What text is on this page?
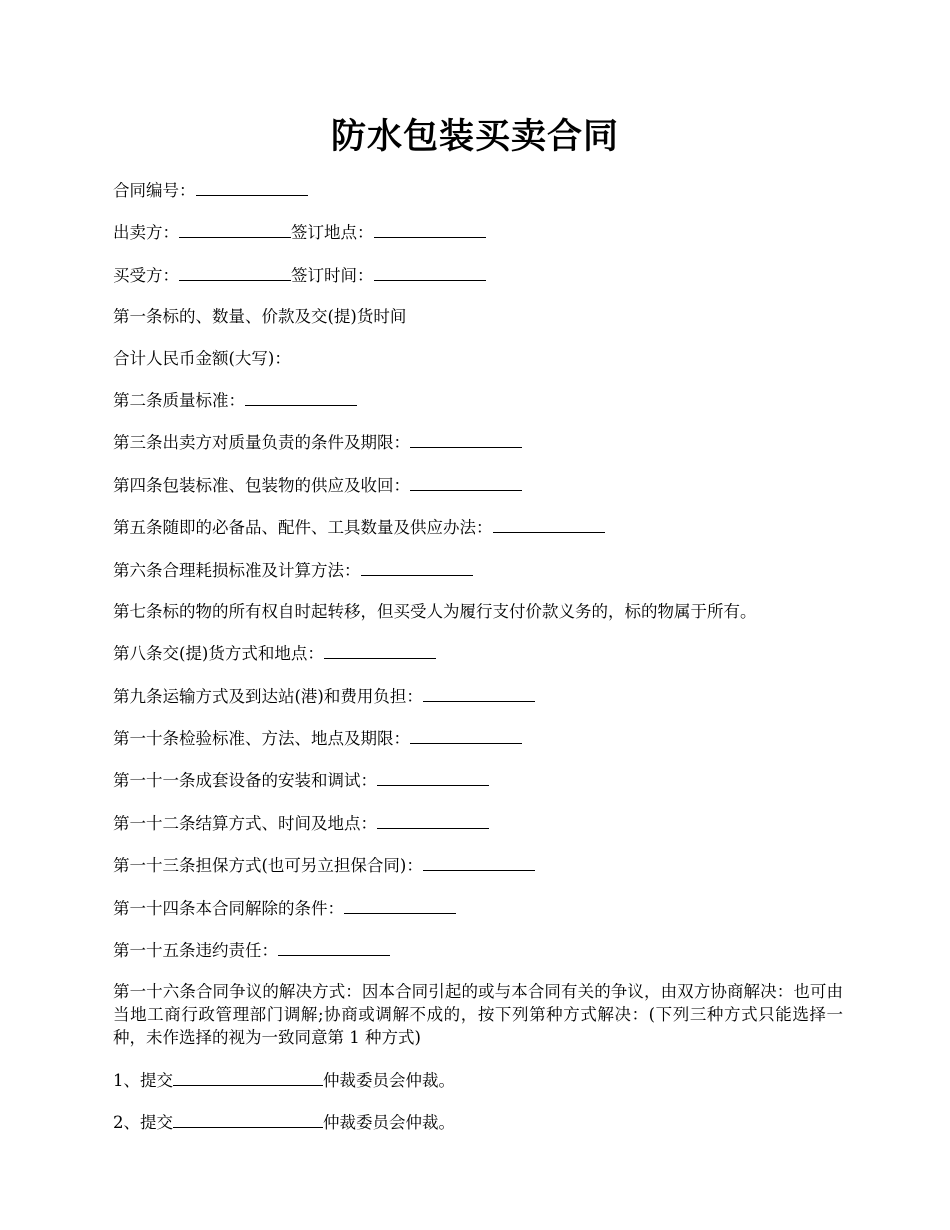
防水包装买卖合同
合同编号：
出卖方：	签订地点：
买受方：	签订时间：
第一条标的、数量、价款及交(提)货时间
合计人民币金额(大写)：
第二条质量标准：
第三条出卖方对质量负责的条件及期限：
第四条包装标准、包装物的供应及收回：
第五条随即的必备品、配件、工具数量及供应办法：
第六条合理耗损标准及计算方法：
第七条标的物的所有权自时起转移，但买受人为履行支付价款义务的，标的物属于所有。
第八条交(提)货方式和地点：
第九条运输方式及到达站(港)和费用负担：
第一十条检验标准、方法、地点及期限：
第一十一条成套设备的安装和调试：
第一十二条结算方式、时间及地点：
第一十三条担保方式(也可另立担保合同)：
第一十四条本合同解除的条件：
第一十五条违约责任：
第一十六条合同争议的解决方式：因本合同引起的或与本合同有关的争议，由双方协商解决：也可由当地工商行政管理部门调解;协商或调解不成的，按下列第种方式解决：(下列三种方式只能选择一种，未作选择的视为一致同意第 1 种方式)
1、提交	仲裁委员会仲裁。
2、提交	仲裁委员会仲裁。
